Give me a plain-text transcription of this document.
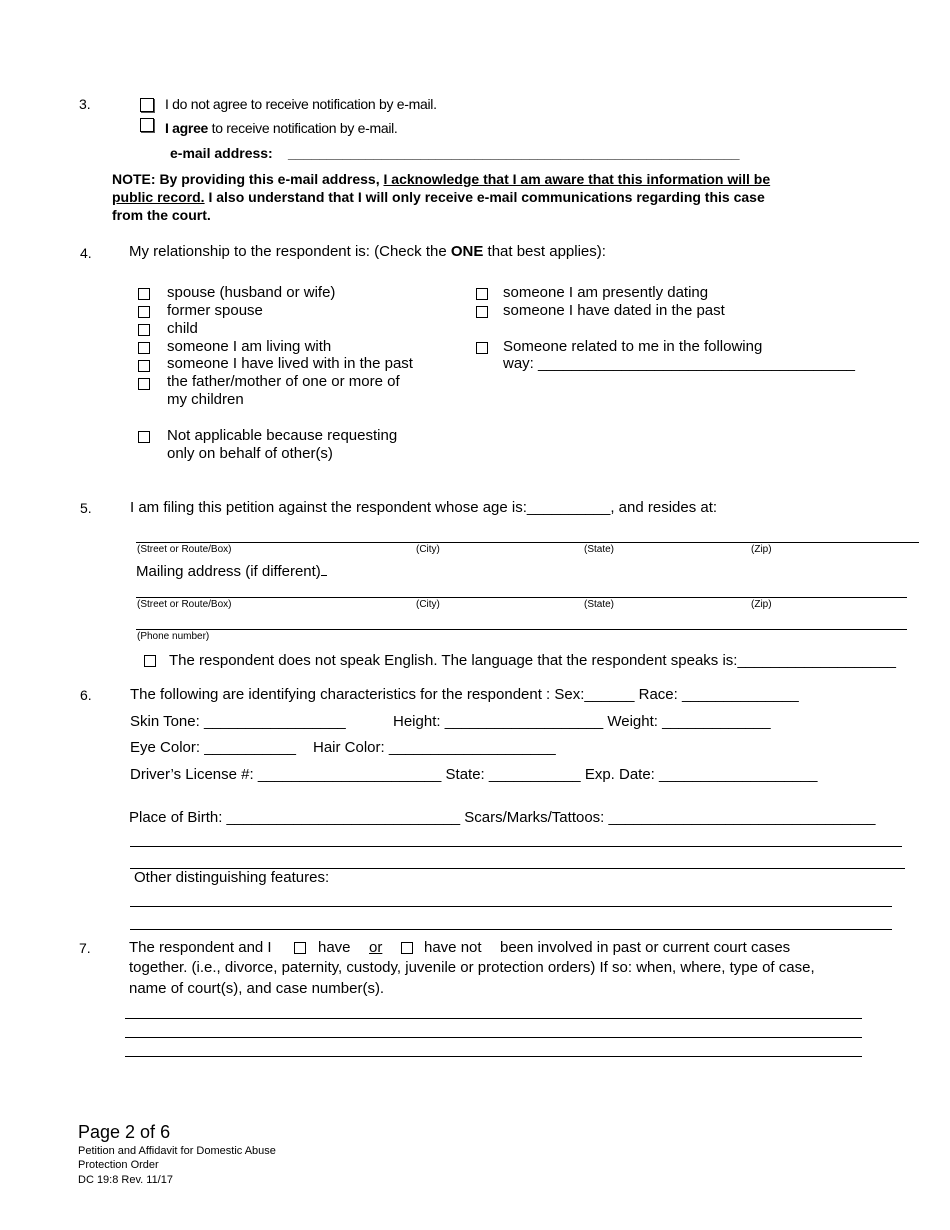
3.	I do not agree to receive notification by e-mail.
I agree to receive notification by e-mail.
e-mail address: __________________________________________________________
NOTE: By providing this e-mail address, I acknowledge that I am aware that this information will be
public record. I also understand that I will only receive e-mail communications regarding this case
from the court.
4. My relationship to the respondent is: (Check the ONE that best applies):
spouse (husband or wife)
former spouse
child
someone I am living with
someone I have lived with in the past
the father/mother of one or more of
my children
Not applicable because requesting
only on behalf of other(s)
someone I am presently dating
someone I have dated in the past
Someone related to me in the following
way: ______________________________________
5.	I am filing this petition against the respondent whose age is:__________, and resides at:
(Street or Route/Box)	(City)	(State)	(Zip)
Mailing address (if different)
(Street or Route/Box)	(City)	(State)	(Zip)
(Phone number)
The respondent does not speak English. The language that the respondent speaks is:___________________
6.	The following are identifying characteristics for the respondent : Sex:______ Race: ______________
Skin Tone: _________________	Height: ___________________ Weight: _____________
Eye Color: ___________ Hair Color: ____________________
Driver’s License #: ______________________ State: ___________ Exp. Date: ___________________
Place of Birth: ____________________________ Scars/Marks/Tattoos: ________________________________
Other distinguishing features:
7.	The respondent and I	have or	have not been involved in past or current court cases
together. (i.e., divorce, paternity, custody, juvenile or protection orders) If so: when, where, type of case,
name of court(s), and case number(s).
Page 2 of 6
Petition and Affidavit for Domestic Abuse
Protection Order
DC 19:8 Rev. 11/17
